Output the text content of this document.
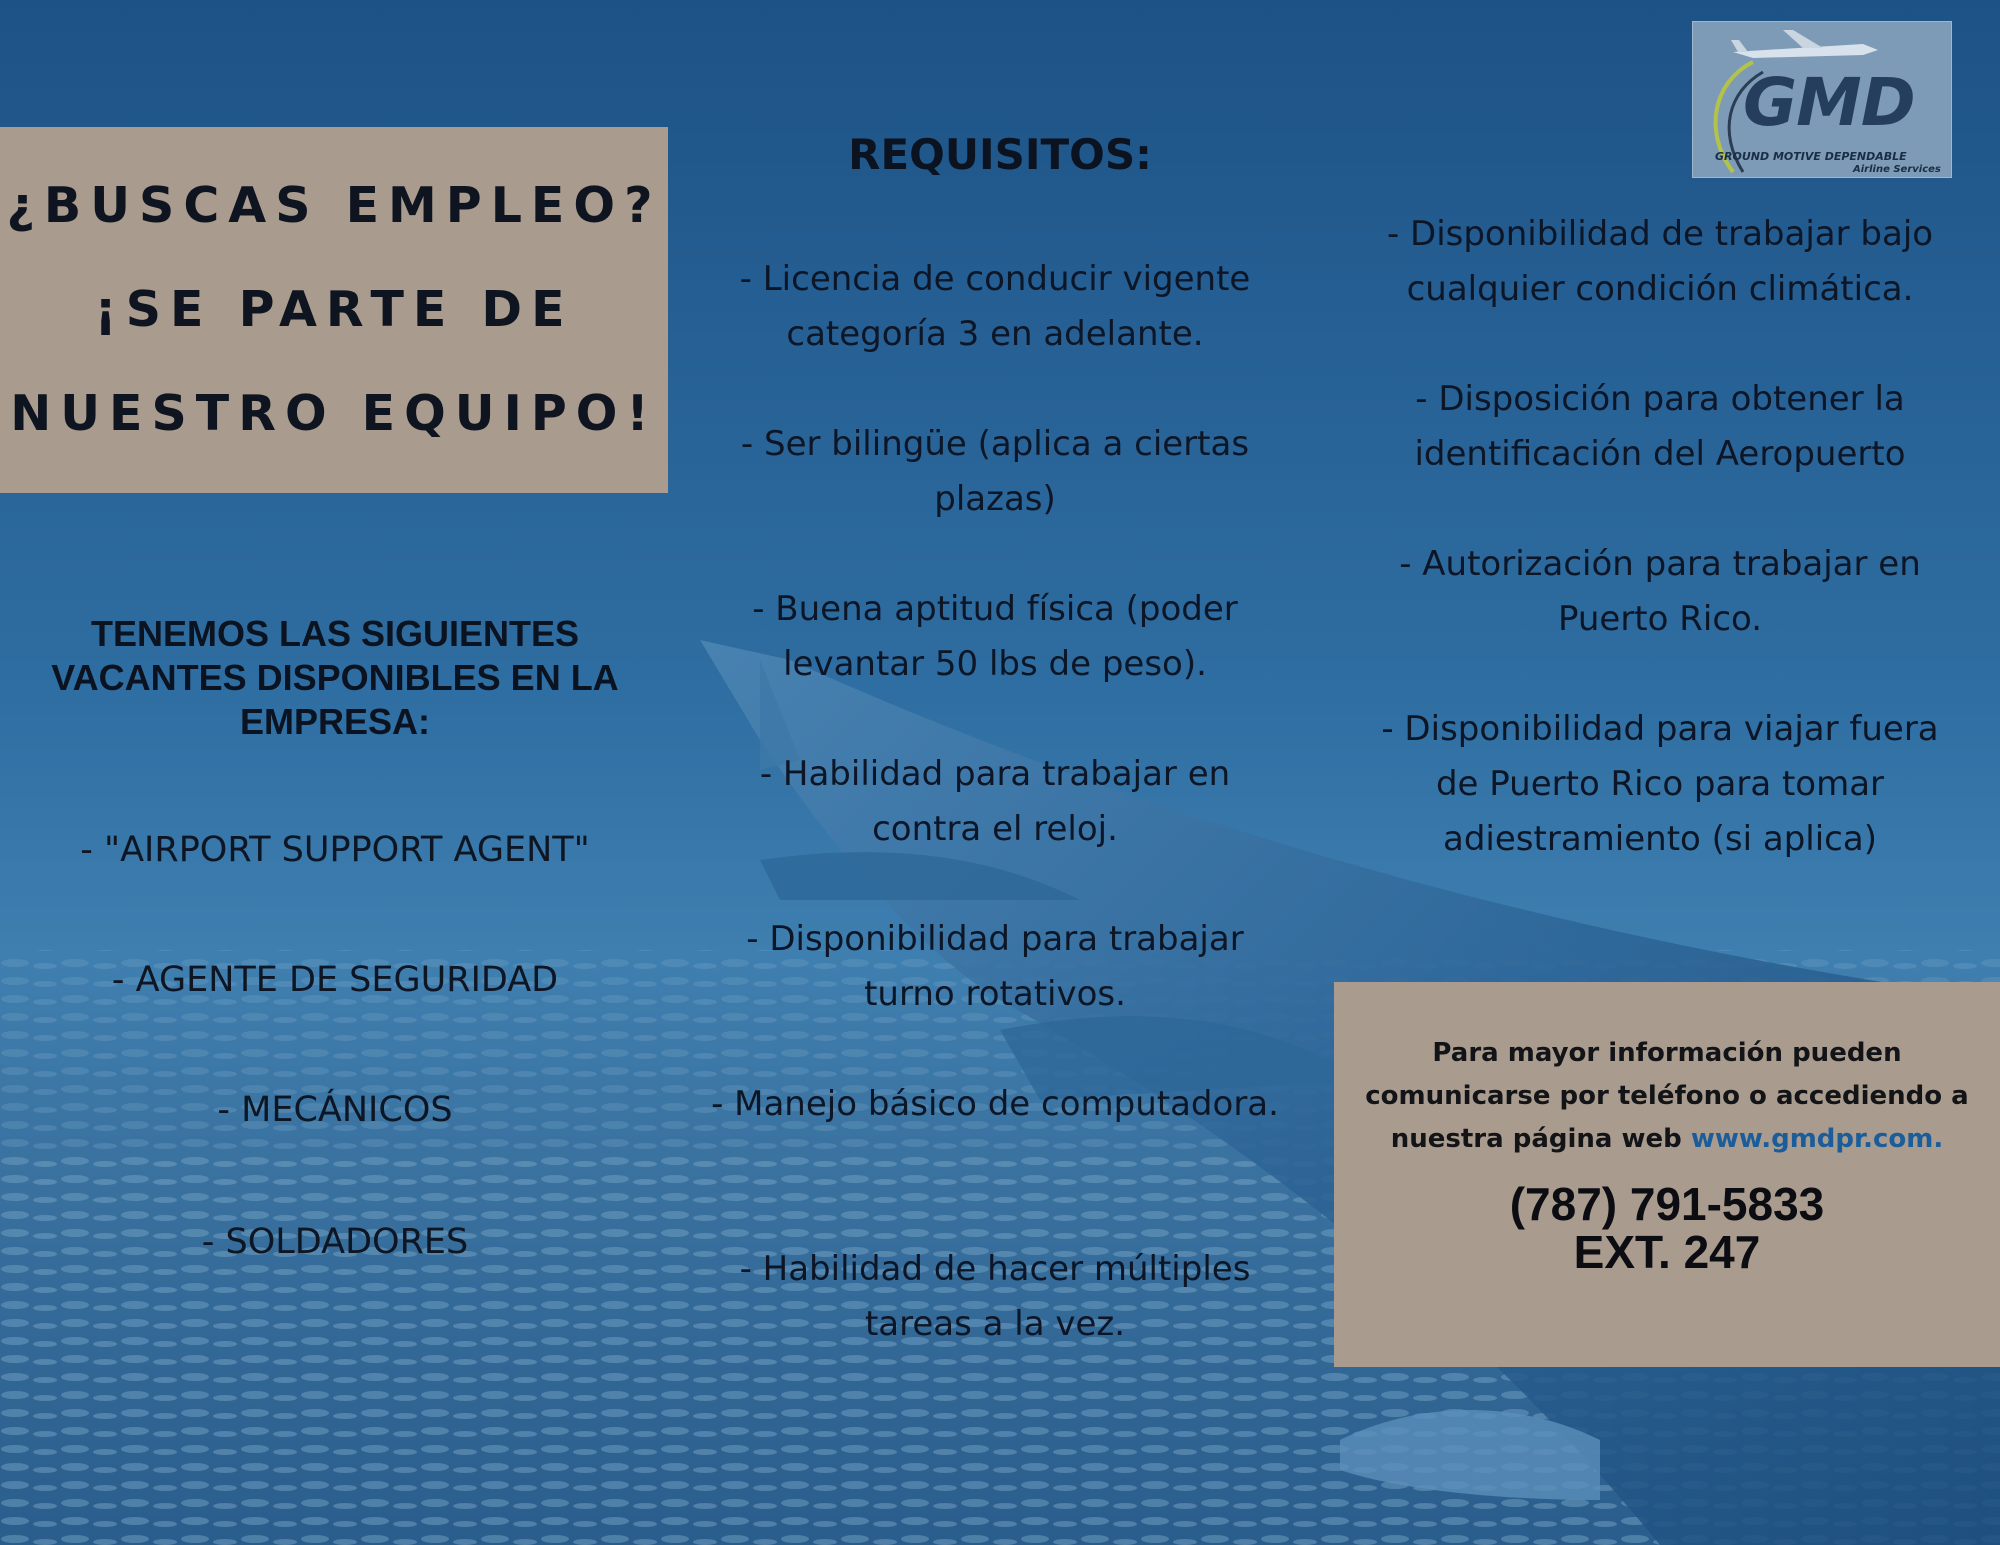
¿BUSCAS EMPLEO?
¡SE PARTE DE
NUESTRO EQUIPO!
TENEMOS LAS SIGUIENTES VACANTES DISPONIBLES EN LA EMPRESA:
- "AIRPORT SUPPORT AGENT"
- AGENTE DE SEGURIDAD
- MECÁNICOS
- SOLDADORES
REQUISITOS:
- Licencia de conducir vigente categoría 3 en adelante.
- Ser bilingüe (aplica a ciertas plazas)
- Buena aptitud física (poder levantar 50 lbs de peso).
- Habilidad para trabajar en contra el reloj.
- Disponibilidad para trabajar turno rotativos.
- Manejo básico de computadora.
- Habilidad de hacer múltiples tareas a la vez.
- Disponibilidad de trabajar bajo cualquier condición climática.
- Disposición para obtener la identificación del Aeropuerto
- Autorización para trabajar en Puerto Rico.
- Disponibilidad para viajar fuera de Puerto Rico para tomar adiestramiento (si aplica)
GMD
GROUND MOTIVE DEPENDABLE
Airline Services
Para mayor información pueden comunicarse por teléfono o accediendo a nuestra página web www.gmdpr.com.
(787) 791-5833
EXT. 247
